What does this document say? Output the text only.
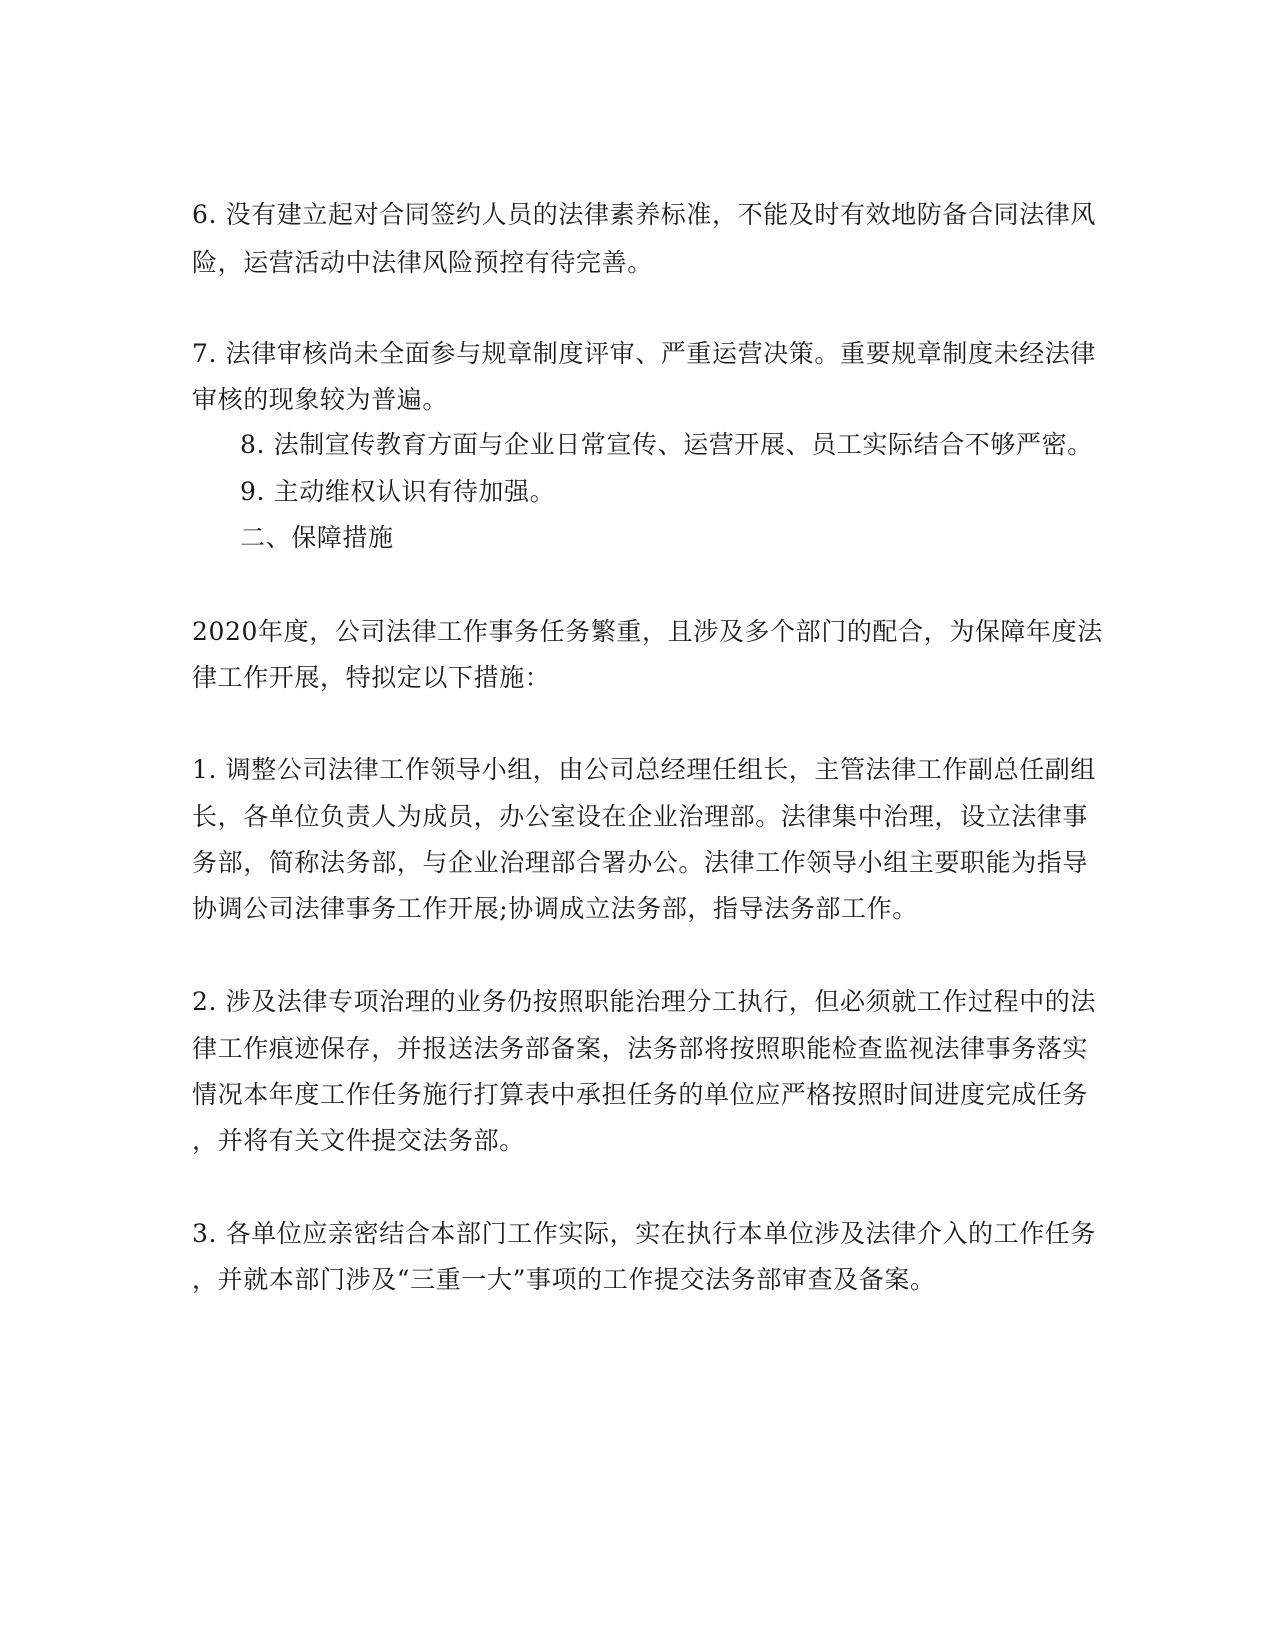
6. 没有建立起对合同签约人员的法律素养标准，不能及时有效地防备合同法律风
险，运营活动中法律风险预控有待完善。
7. 法律审核尚未全面参与规章制度评审、严重运营决策。重要规章制度未经法律
审核的现象较为普遍。
8. 法制宣传教育方面与企业日常宣传、运营开展、员工实际结合不够严密。
9. 主动维权认识有待加强。
二、保障措施
2020年度，公司法律工作事务任务繁重，且涉及多个部门的配合，为保障年度法
律工作开展，特拟定以下措施：
1. 调整公司法律工作领导小组，由公司总经理任组长，主管法律工作副总任副组
长，各单位负责人为成员，办公室设在企业治理部。法律集中治理，设立法律事
务部，简称法务部，与企业治理部合署办公。法律工作领导小组主要职能为指导
协调公司法律事务工作开展;协调成立法务部，指导法务部工作。
2. 涉及法律专项治理的业务仍按照职能治理分工执行，但必须就工作过程中的法
律工作痕迹保存，并报送法务部备案，法务部将按照职能检查监视法律事务落实
情况本年度工作任务施行打算表中承担任务的单位应严格按照时间进度完成任务
，并将有关文件提交法务部。
3. 各单位应亲密结合本部门工作实际，实在执行本单位涉及法律介入的工作任务
，并就本部门涉及“三重一大”事项的工作提交法务部审查及备案。
